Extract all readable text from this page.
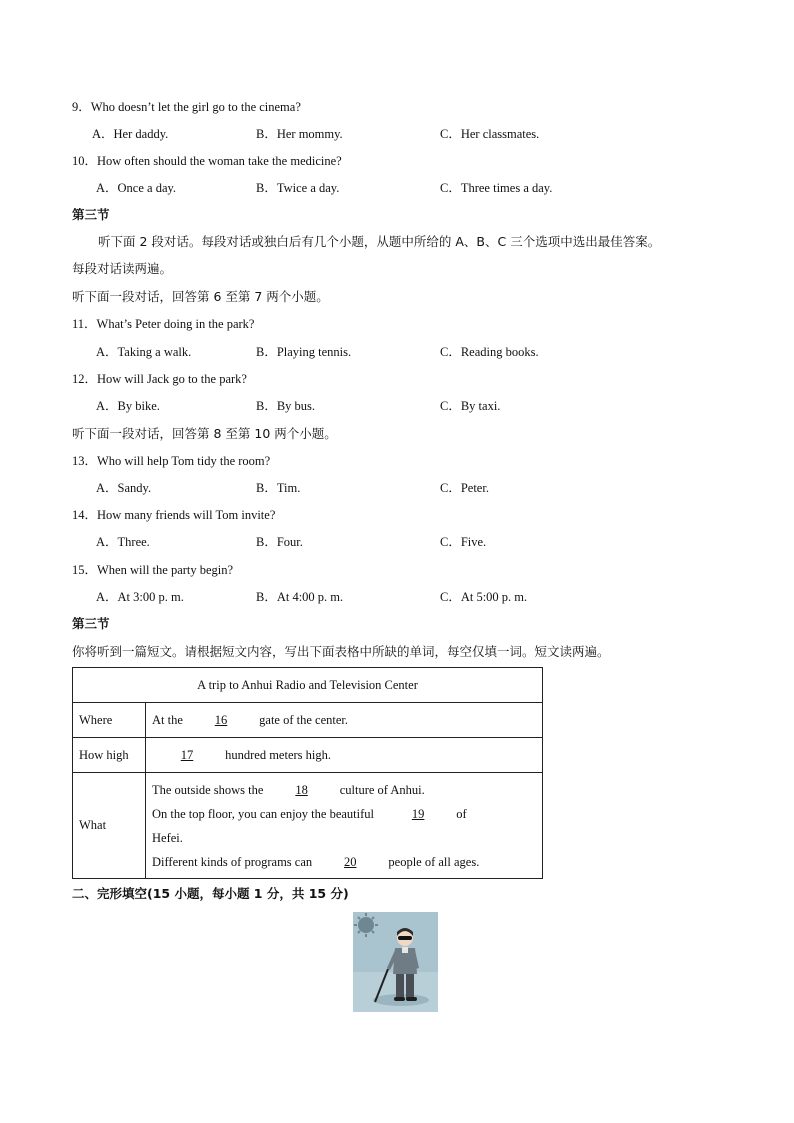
9．Who doesn’t let the girl go to the cinema?
A．Her daddy.	B．Her mommy.	C．Her classmates.
10．How often should the woman take the medicine?
A．Once a day.	B．Twice a day.	C．Three times a day.
第三节
听下面 2 段对话。每段对话或独白后有几个小题，从题中所给的 A、B、C 三个选项中选出最佳答案。
每段对话读两遍。
听下面一段对话，回答第 6 至第 7 两个小题。
11．What’s Peter doing in the park?
A．Taking a walk.	B．Playing tennis.	C．Reading books.
12．How will Jack go to the park?
A．By bike.	B．By bus.	C．By taxi.
听下面一段对话，回答第 8 至第 10 两个小题。
13．Who will help Tom tidy the room?
A．Sandy.	B．Tim.	C．Peter.
14．How many friends will Tom invite?
A．Three.	B．Four.	C．Five.
15．When will the party begin?
A．At 3:00 p. m.	B．At 4:00 p. m.	C．At 5:00 p. m.
第三节
你将听到一篇短文。请根据短文内容，写出下面表格中所缺的单词，每空仅填一词。短文读两遍。
A trip to Anhui Radio and Television Center	
Where	At the 16 gate of the center.
How high	17 hundred meters high.
What	The outside shows the 18 culture of Anhui.
On the top floor, you can enjoy the beautiful 19 of
Hefei.
Different kinds of programs can 20 people of all ages.
二、完形填空(15 小题，每小题 1 分，共 15 分)
